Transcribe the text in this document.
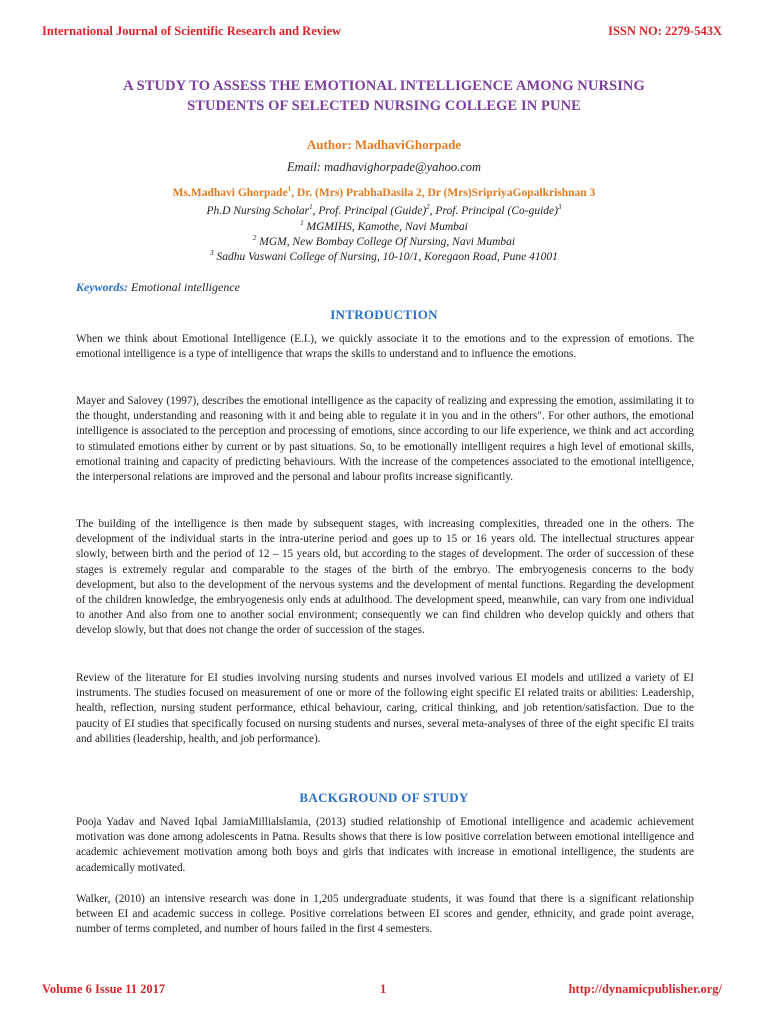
International Journal of Scientific Research and Review	ISSN NO: 2279-543X
A STUDY TO ASSESS THE EMOTIONAL INTELLIGENCE AMONG NURSING
STUDENTS OF SELECTED NURSING COLLEGE IN PUNE
Author: MadhaviGhorpade
Email: madhavighorpade@yahoo.com
Ms.Madhavi Ghorpade$^1$, Dr. (Mrs) PrabhaDasila 2, Dr (Mrs)SripriyaGopalkrishnan 3
Ph.D Nursing Scholar$^1$, Prof. Principal (Guide)$^2$, Prof. Principal (Co-guide)$^3$
$^1$ MGMIHS, Kamothe, Navi Mumbai
$^2$ MGM, New Bombay College Of Nursing, Navi Mumbai
$^3$ Sadhu Vaswani College of Nursing, 10-10/1, Koregaon Road, Pune 41001
Keywords: Emotional intelligence
INTRODUCTION
When we think about Emotional Intelligence (E.I.), we quickly associate it to the emotions and to the expression of emotions. The emotional intelligence is a type of intelligence that wraps the skills to understand and to influence the emotions.
Mayer and Salovey (1997), describes the emotional intelligence as the capacity of realizing and expressing the emotion, assimilating it to the thought, understanding and reasoning with it and being able to regulate it in you and in the others". For other authors, the emotional intelligence is associated to the perception and processing of emotions, since according to our life experience, we think and act according to stimulated emotions either by current or by past situations. So, to be emotionally intelligent requires a high level of emotional skills, emotional training and capacity of predicting behaviours. With the increase of the competences associated to the emotional intelligence, the interpersonal relations are improved and the personal and labour profits increase significantly.
The building of the intelligence is then made by subsequent stages, with increasing complexities, threaded one in the others. The development of the individual starts in the intra-uterine period and goes up to 15 or 16 years old. The intellectual structures appear slowly, between birth and the period of 12 – 15 years old, but according to the stages of development. The order of succession of these stages is extremely regular and comparable to the stages of the birth of the embryo. The embryogenesis concerns to the body development, but also to the development of the nervous systems and the development of mental functions. Regarding the development of the children knowledge, the embryogenesis only ends at adulthood. The development speed, meanwhile, can vary from one individual to another And also from one to another social environment; consequently we can find children who develop quickly and others that develop slowly, but that does not change the order of succession of the stages.
Review of the literature for EI studies involving nursing students and nurses involved various EI models and utilized a variety of EI instruments. The studies focused on measurement of one or more of the following eight specific EI related traits or abilities: Leadership, health, reflection, nursing student performance, ethical behaviour, caring, critical thinking, and job retention/satisfaction. Due to the paucity of EI studies that specifically focused on nursing students and nurses, several meta-analyses of three of the eight specific EI traits and abilities (leadership, health, and job performance).
BACKGROUND OF STUDY
Pooja Yadav and Naved Iqbal JamiaMillialslamia, (2013) studied relationship of Emotional intelligence and academic achievement motivation was done among adolescents in Patna. Results shows that there is low positive correlation between emotional intelligence and academic achievement motivation among both boys and girls that indicates with increase in emotional intelligence, the students are academically motivated.
Walker, (2010) an intensive research was done in 1,205 undergraduate students, it was found that there is a significant relationship between EI and academic success in college. Positive correlations between EI scores and gender, ethnicity, and grade point average, number of terms completed, and number of hours failed in the first 4 semesters.
Volume 6 Issue 11 2017	1	http://dynamicpublisher.org/
